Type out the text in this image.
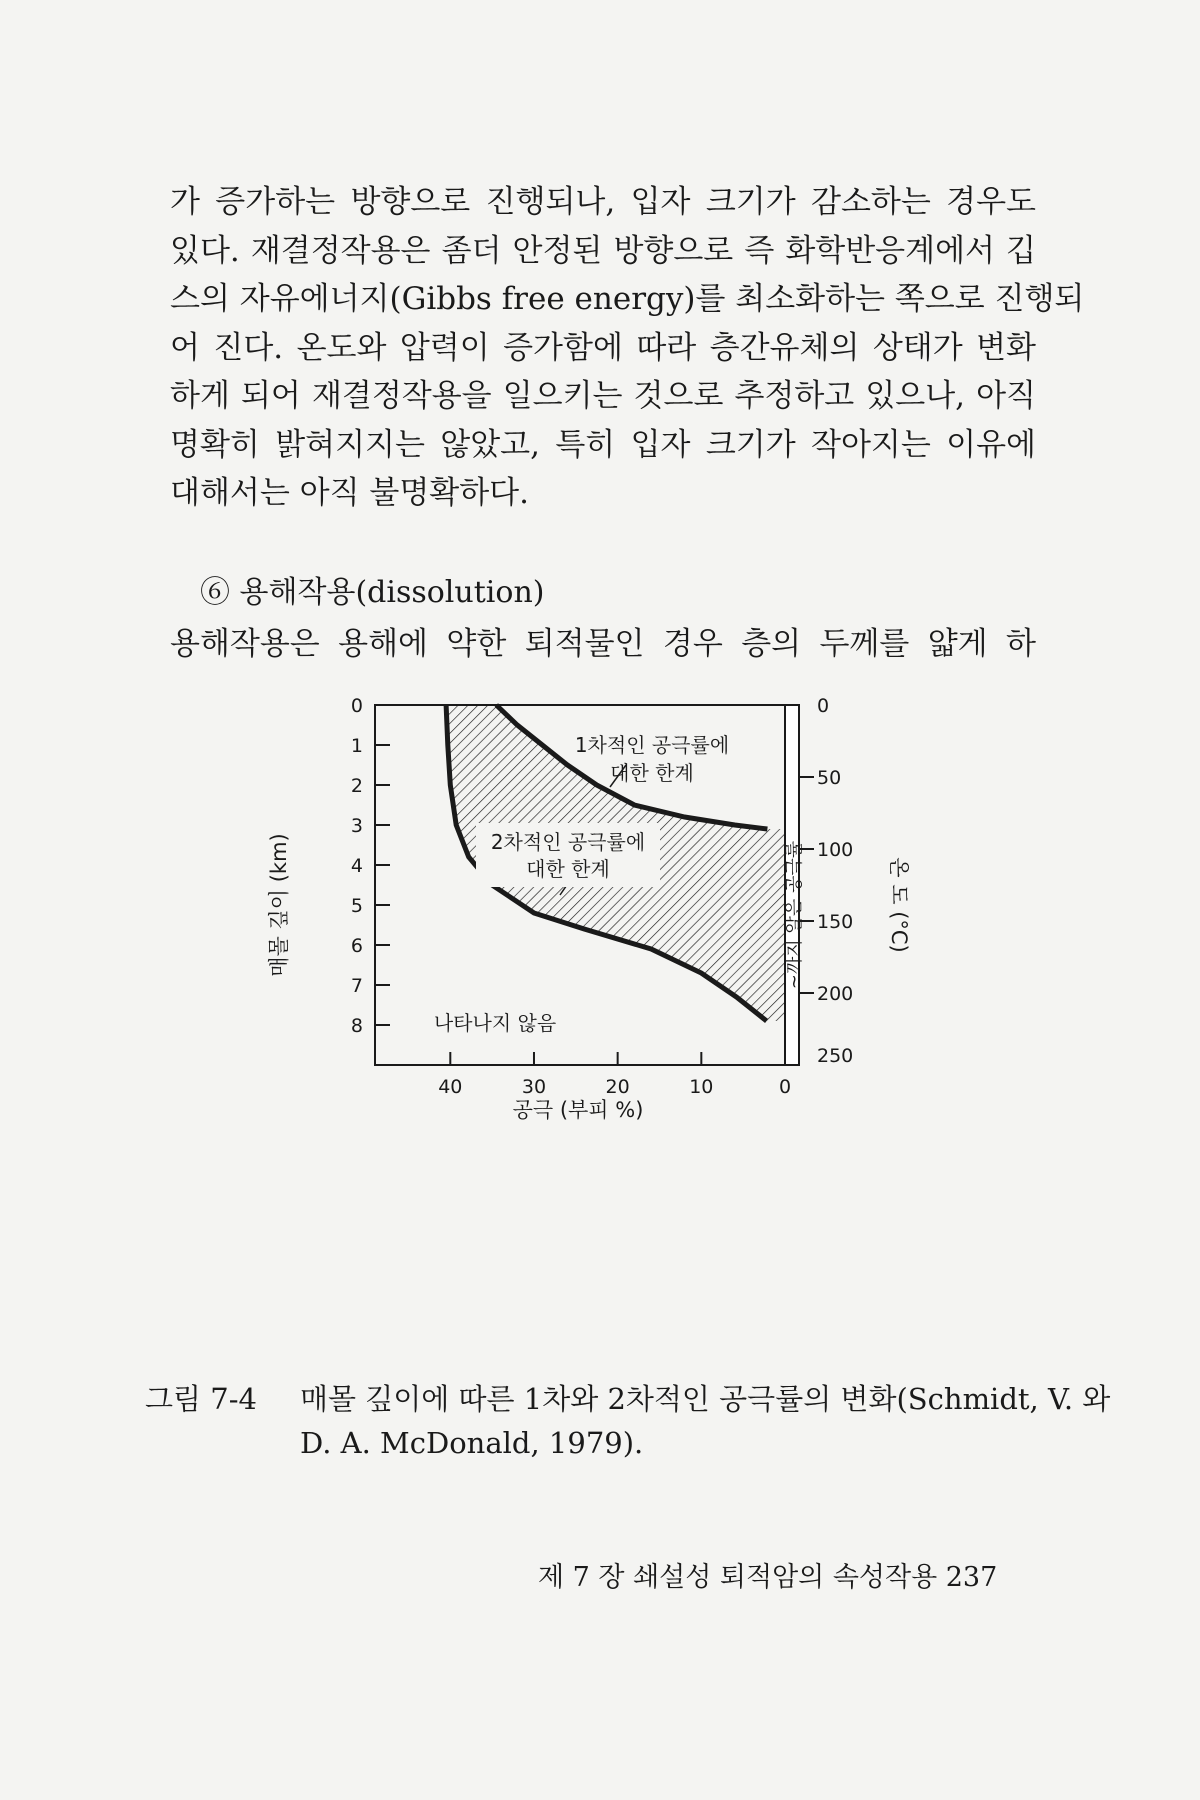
가 증가하는 방향으로 진행되나, 입자 크기가 감소하는 경우도
있다. 재결정작용은 좀더 안정된 방향으로 즉 화학반응계에서 깁
스의 자유에너지(Gibbs free energy)를 최소화하는 쪽으로 진행되
어 진다. 온도와 압력이 증가함에 따라 층간유체의 상태가 변화
하게 되어 재결정작용을 일으키는 것으로 추정하고 있으나, 아직
명확히 밝혀지지는 않았고, 특히 입자 크기가 작아지는 이유에
대해서는 아직 불명확하다.
⑥ 용해작용(dissolution)
용해작용은 용해에 약한 퇴적물인 경우 층의 두께를 얇게 하
1차적인 공극률에
대한 한계
2차적인 공극률에
대한 한계
나타나지 않음
~까지 알은 공극률
매몰 깊이 (km)	온 도 (°C)
공극 (부피 %)
0
1
2
3
4
5
6
7
8
0
50
100
150
200
250
40	30	20	10	0
그림 7-4 매몰 깊이에 따른 1차와 2차적인 공극률의 변화(Schmidt, V. 와
D. A. McDonald, 1979).
제 7 장 쇄설성 퇴적암의 속성작용 237
